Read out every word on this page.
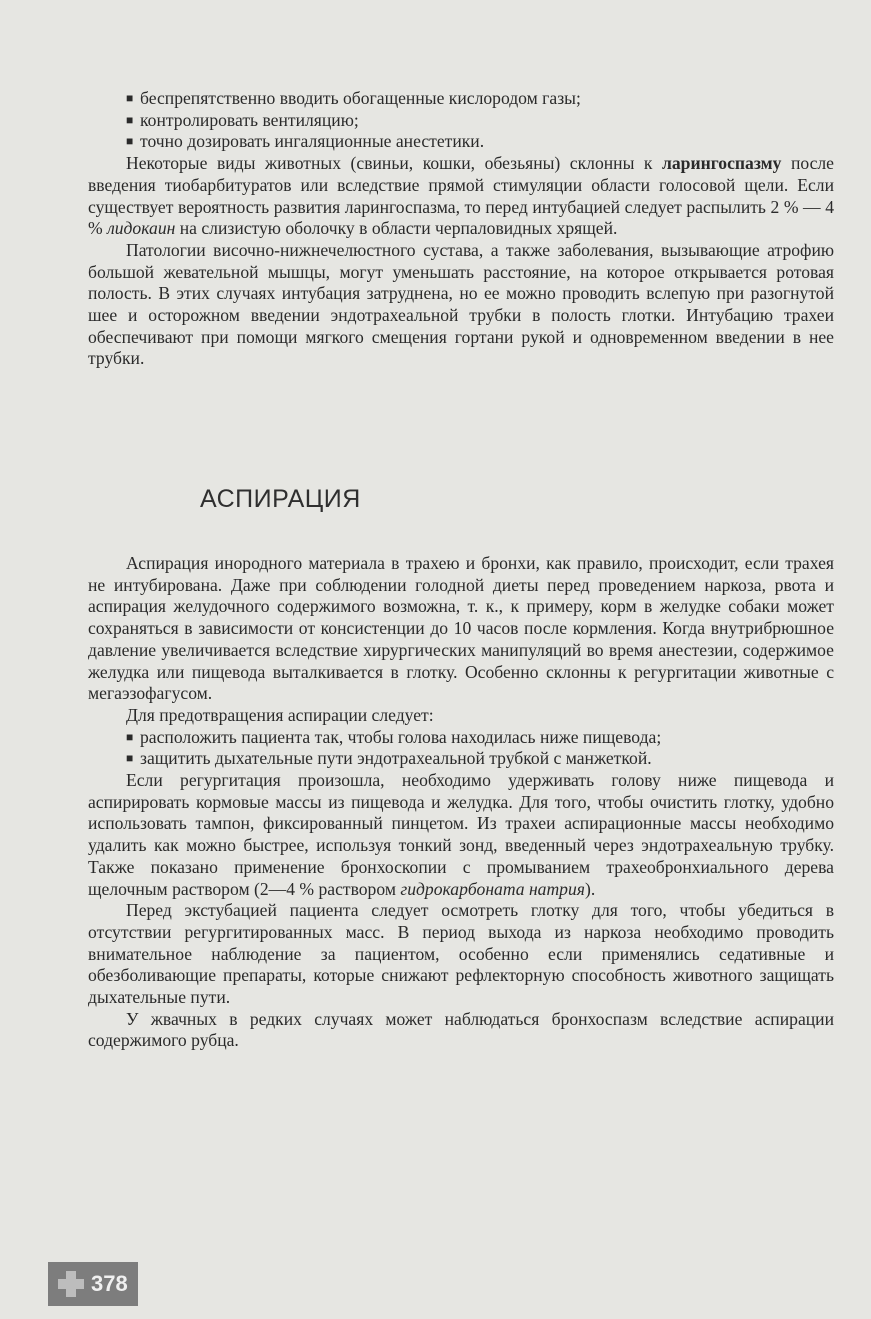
■ беспрепятственно вводить обогащенные кислородом газы;
■ контролировать вентиляцию;
■ точно дозировать ингаляционные анестетики.

Некоторые виды животных (свиньи, кошки, обезьяны) склонны к ларингоспазму после введения тиобарбитуратов или вследствие прямой стимуляции области голосовой щели. Если существует вероятность развития ларингоспазма, то перед интубацией следует распылить 2 % — 4 % лидокаин на слизистую оболочку в области черпаловидных хрящей.

Патологии височно-нижнечелюстного сустава, а также заболевания, вызывающие атрофию большой жевательной мышцы, могут уменьшать расстояние, на которое открывается ротовая полость. В этих случаях интубация затруднена, но ее можно проводить вслепую при разогнутой шее и осторожном введении эндотрахеальной трубки в полость глотки. Интубацию трахеи обеспечивают при помощи мягкого смещения гортани рукой и одновременном введении в нее трубки.

АСПИРАЦИЯ

Аспирация инородного материала в трахею и бронхи, как правило, происходит, если трахея не интубирована. Даже при соблюдении голодной диеты перед проведением наркоза, рвота и аспирация желудочного содержимого возможна, т. к., к примеру, корм в желудке собаки может сохраняться в зависимости от консистенции до 10 часов после кормления. Когда внутрибрюшное давление увеличивается вследствие хирургических манипуляций во время анестезии, содержимое желудка или пищевода выталкивается в глотку. Особенно склонны к регургитации животные с мегаэзофагусом.

Для предотвращения аспирации следует:

■ расположить пациента так, чтобы голова находилась ниже пищевода;
■ защитить дыхательные пути эндотрахеальной трубкой с манжеткой.

Если регургитация произошла, необходимо удерживать голову ниже пищевода и аспирировать кормовые массы из пищевода и желудка. Для того, чтобы очистить глотку, удобно использовать тампон, фиксированный пинцетом. Из трахеи аспирационные массы необходимо удалить как можно быстрее, используя тонкий зонд, введенный через эндотрахеальную трубку. Также показано применение бронхоскопии с промыванием трахеобронхиального дерева щелочным раствором (2—4 % раствором гидрокарбоната натрия).

Перед экстубацией пациента следует осмотреть глотку для того, чтобы убедиться в отсутствии регургитированных масс. В период выхода из наркоза необходимо проводить внимательное наблюдение за пациентом, особенно если применялись седативные и обезболивающие препараты, которые снижают рефлекторную способность животного защищать дыхательные пути.

У жвачных в редких случаях может наблюдаться бронхоспазм вследствие аспирации содержимого рубца.

378
